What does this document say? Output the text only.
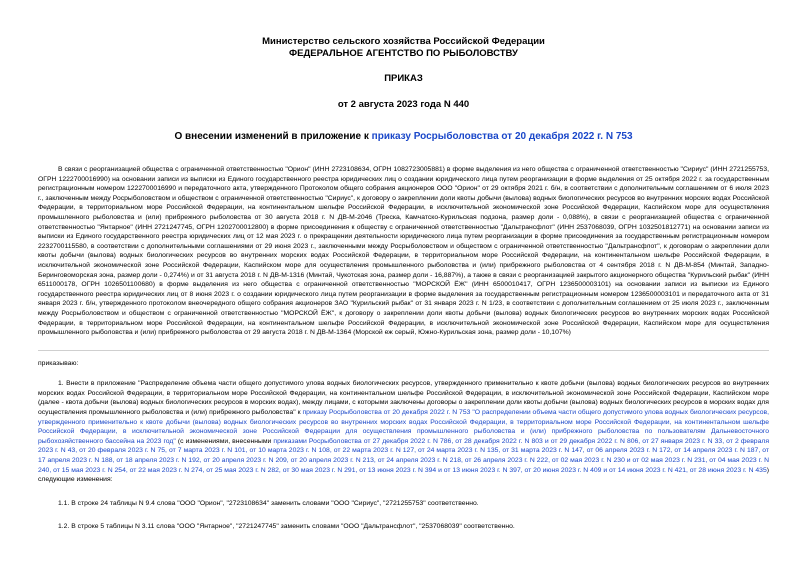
Министерство сельского хозяйства Российской Федерации
ФЕДЕРАЛЬНОЕ АГЕНТСТВО ПО РЫБОЛОВСТВУ
ПРИКАЗ
от 2 августа 2023 года N 440
О внесении изменений в приложение к приказу Росрыболовства от 20 декабря 2022 г. N 753
В связи с реорганизацией общества с ограниченной ответственностью "Орион" (ИНН 2723108634, ОГРН 1082723005881) в форме выделения из него общества с ограниченной ответственностью "Сириус" (ИНН 2721255753, ОГРН 1222700016990) на основании записи из выписки из Единого государственного реестра юридических лиц о создании юридического лица путем реорганизации в форме выделения от 25 октября 2022 г. за государственным регистрационным номером 1222700016990 и передаточного акта, утвержденного Протоколом общего собрания акционеров ООО "Орион" от 29 октября 2021 г. б/н, в соответствии с дополнительным соглашением от 6 июля 2023 г., заключенным между Росрыболовством и обществом с ограниченной ответственностью "Сириус", к договору о закреплении доли квоты добычи (вылова) водных биологических ресурсов во внутренних морских водах Российской Федерации, в территориальном море Российской Федерации, на континентальном шельфе Российской Федерации, в исключительной экономической зоне Российской Федерации, Каспийском море для осуществления промышленного рыболовства и (или) прибрежного рыболовства от 30 августа 2018 г. N ДВ-М-2046 (Треска, Камчатско-Курильская подзона, размер доли - 0,088%), в связи с реорганизацией общества с ограниченной ответственностью "Янтарное" (ИНН 2721247745, ОГРН 1202700012800) в форме присоединения к обществу с ограниченной ответственностью "Дальтрансфлот" (ИНН 2537068039, ОГРН 1032501812771) на основании записи из выписки из Единого государственного реестра юридических лиц от 12 мая 2023 г. о прекращении деятельности юридического лица путем реорганизации в форме присоединения за государственным регистрационным номером 2232700115580, в соответствии с дополнительными соглашениями от 29 июня 2023 г., заключенными между Росрыболовством и обществом с ограниченной ответственностью "Дальтрансфлот", к договорам о закреплении доли квоты добычи (вылова) водных биологических ресурсов во внутренних морских водах Российской Федерации, в территориальном море Российской Федерации, на континентальном шельфе Российской Федерации, в исключительной экономической зоне Российской Федерации, Каспийском море для осуществления промышленного рыболовства и (или) прибрежного рыболовства от 4 сентября 2018 г. N ДВ-М-854 (Минтай, Западно-Беринговоморская зона, размер доли - 0,274%) и от 31 августа 2018 г. N ДВ-М-1316 (Минтай, Чукотская зона, размер доли - 16,887%), а также в связи с реорганизацией закрытого акционерного общества "Курильский рыбак" (ИНН 6511000178, ОГРН 1026501100680) в форме выделения из него общества с ограниченной ответственностью "МОРСКОЙ ЁЖ" (ИНН 6500010417, ОГРН 1236500003101) на основании записи из выписки из Единого государственного реестра юридических лиц от 8 июня 2023 г. о создании юридического лица путем реорганизации в форме выделения за государственным регистрационным номером 1236500003101 и передаточного акта от 31 января 2023 г. б/н, утвержденного протоколом внеочередного общего собрания акционеров ЗАО "Курильский рыбак" от 31 января 2023 г. N 1/23, в соответствии с дополнительным соглашением от 25 июля 2023 г., заключенным между Росрыболовством и обществом с ограниченной ответственностью "МОРСКОЙ ЁЖ", к договору о закреплении доли квоты добычи (вылова) водных биологических ресурсов во внутренних морских водах Российской Федерации, в территориальном море Российской Федерации, на континентальном шельфе Российской Федерации, в исключительной экономической зоне Российской Федерации, Каспийском море для осуществления промышленного рыболовства и (или) прибрежного рыболовства от 29 августа 2018 г. N ДВ-М-1364 (Морской еж серый, Южно-Курильская зона, размер доли - 10,107%)
приказываю:
1. Внести в приложение "Распределение объема части общего допустимого улова водных биологических ресурсов, утвержденного применительно к квоте добычи (вылова) водных биологических ресурсов во внутренних морских водах Российской Федерации, в территориальном море Российской Федерации, на континентальном шельфе Российской Федерации, в исключительной экономической зоне Российской Федерации, Каспийском море (далее - квота добычи (вылова) водных биологических ресурсов в морских водах), между лицами, с которыми заключены договоры о закреплении доли квоты добычи (вылова) водных биологических ресурсов в морских водах для осуществления промышленного рыболовства и (или) прибрежного рыболовства" к приказу Росрыболовства от 20 декабря 2022 г. N 753 "О распределении объема части общего допустимого улова водных биологических ресурсов, утвержденного применительно к квоте добычи (вылова) водных биологических ресурсов во внутренних морских водах Российской Федерации, в территориальном море Российской Федерации, на континентальном шельфе Российской Федерации, в исключительной экономической зоне Российской Федерации для осуществления промышленного рыболовства и (или) прибрежного рыболовства по пользователям Дальневосточного рыбохозяйственного бассейна на 2023 год" (с изменениями, внесенными приказами Росрыболовства от 27 декабря 2022 г. N 786, от 28 декабря 2022 г. N 803 и от 29 декабря 2022 г. N 806, от 27 января 2023 г. N 33, от 2 февраля 2023 г. N 43, от 20 февраля 2023 г. N 75, от 7 марта 2023 г. N 101, от 10 марта 2023 г. N 108, от 22 марта 2023 г. N 127, от 24 марта 2023 г. N 135, от 31 марта 2023 г. N 147, от 06 апреля 2023 г. N 172, от 14 апреля 2023 г. N 187, от 17 апреля 2023 г. N 188, от 18 апреля 2023 г. N 192, от 20 апреля 2023 г. N 209, от 20 апреля 2023 г. N 213, от 24 апреля 2023 г. N 218, от 26 апреля 2023 г. N 222, от 02 мая 2023 г. N 230 и от 02 мая 2023 г. N 231, от 04 мая 2023 г. N 240, от 15 мая 2023 г. N 254, от 22 мая 2023 г. N 274, от 25 мая 2023 г. N 282, от 30 мая 2023 г. N 291, от 13 июня 2023 г. N 394 и от 13 июня 2023 г. N 397, от 20 июня 2023 г. N 409 и от 14 июня 2023 г. N 421, от 28 июня 2023 г. N 435) следующие изменения:
1.1. В строке 24 таблицы N 9.4 слова "ООО "Орион", "2723108634" заменить словами "ООО "Сириус", "2721255753" соответственно.
1.2. В строке 5 таблицы N 3.11 слова "ООО "Янтарное", "2721247745" заменить словами "ООО "Дальтрансфлот", "2537068039" соответственно.
